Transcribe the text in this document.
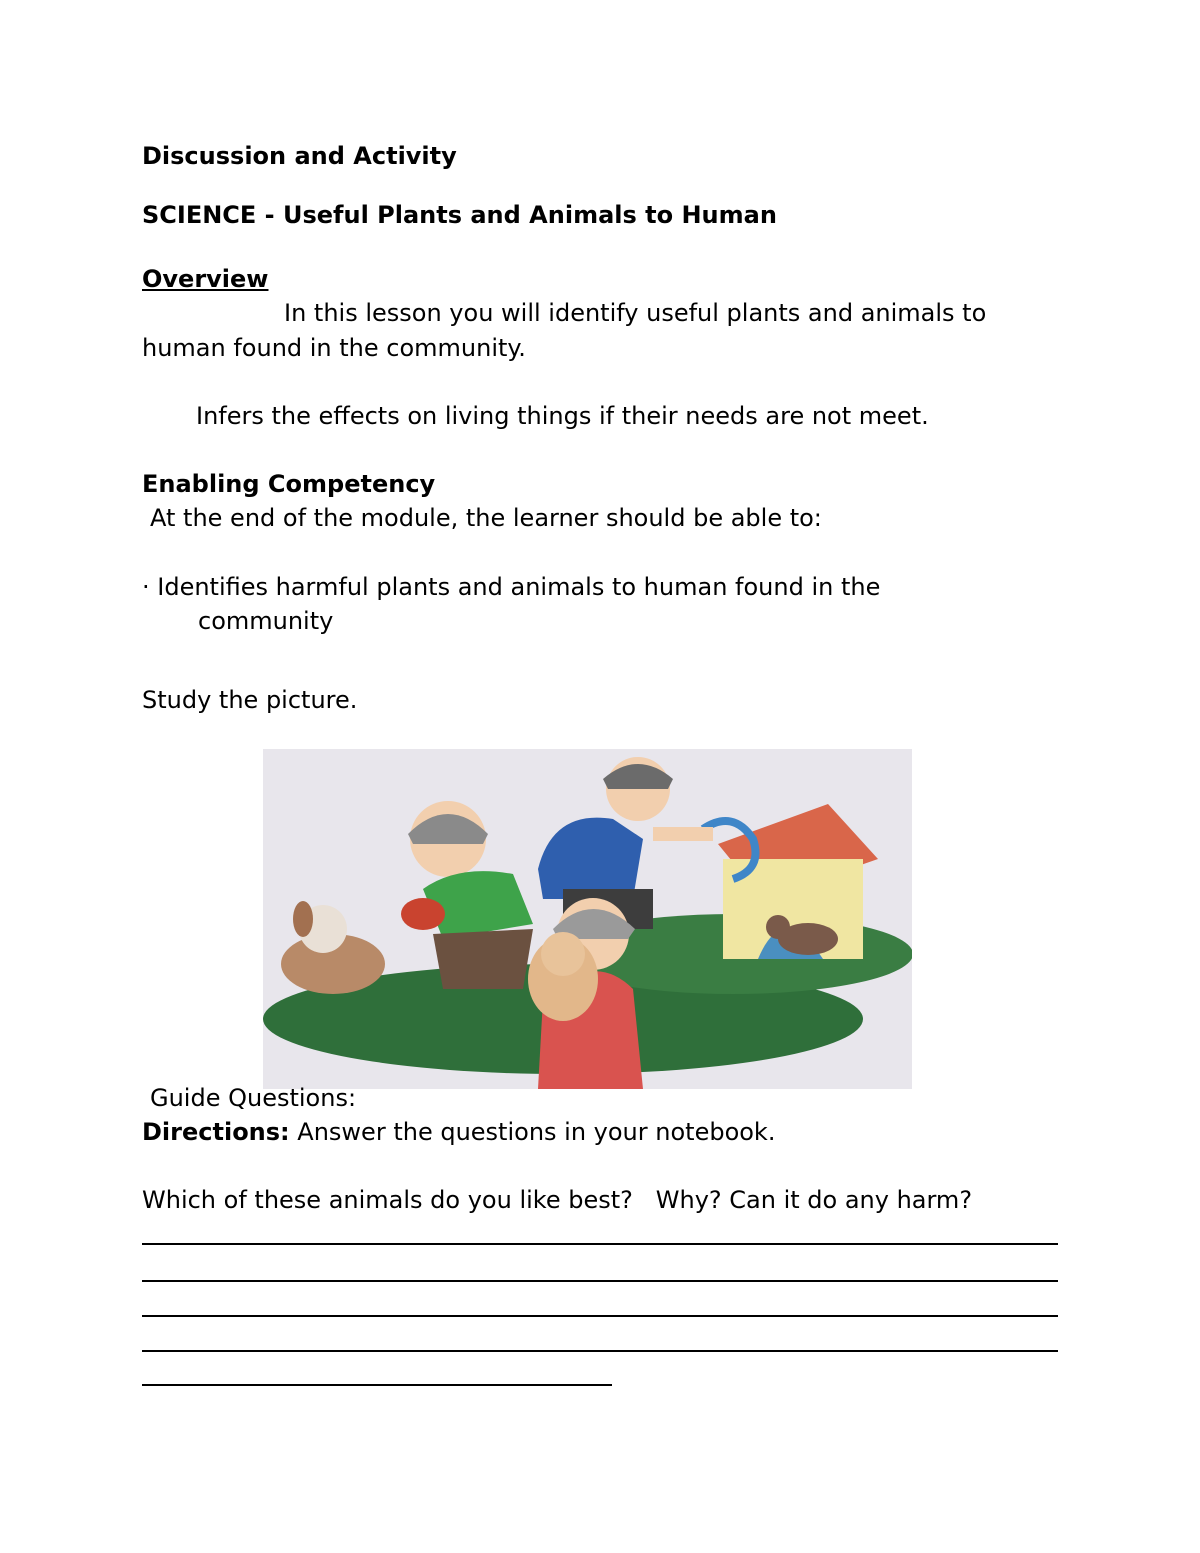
Discussion and Activity
SCIENCE - Useful Plants and Animals to Human
Overview
In this lesson you will identify useful plants and animals to
human found in the community.
Infers the effects on living things if their needs are not meet.
Enabling Competency
At the end of the module, the learner should be able to:
· Identifies harmful plants and animals to human found in the
community
Study the picture.
Guide Questions:
Directions: Answer the questions in your notebook.
Which of these animals do you like best?   Why? Can it do any harm?
